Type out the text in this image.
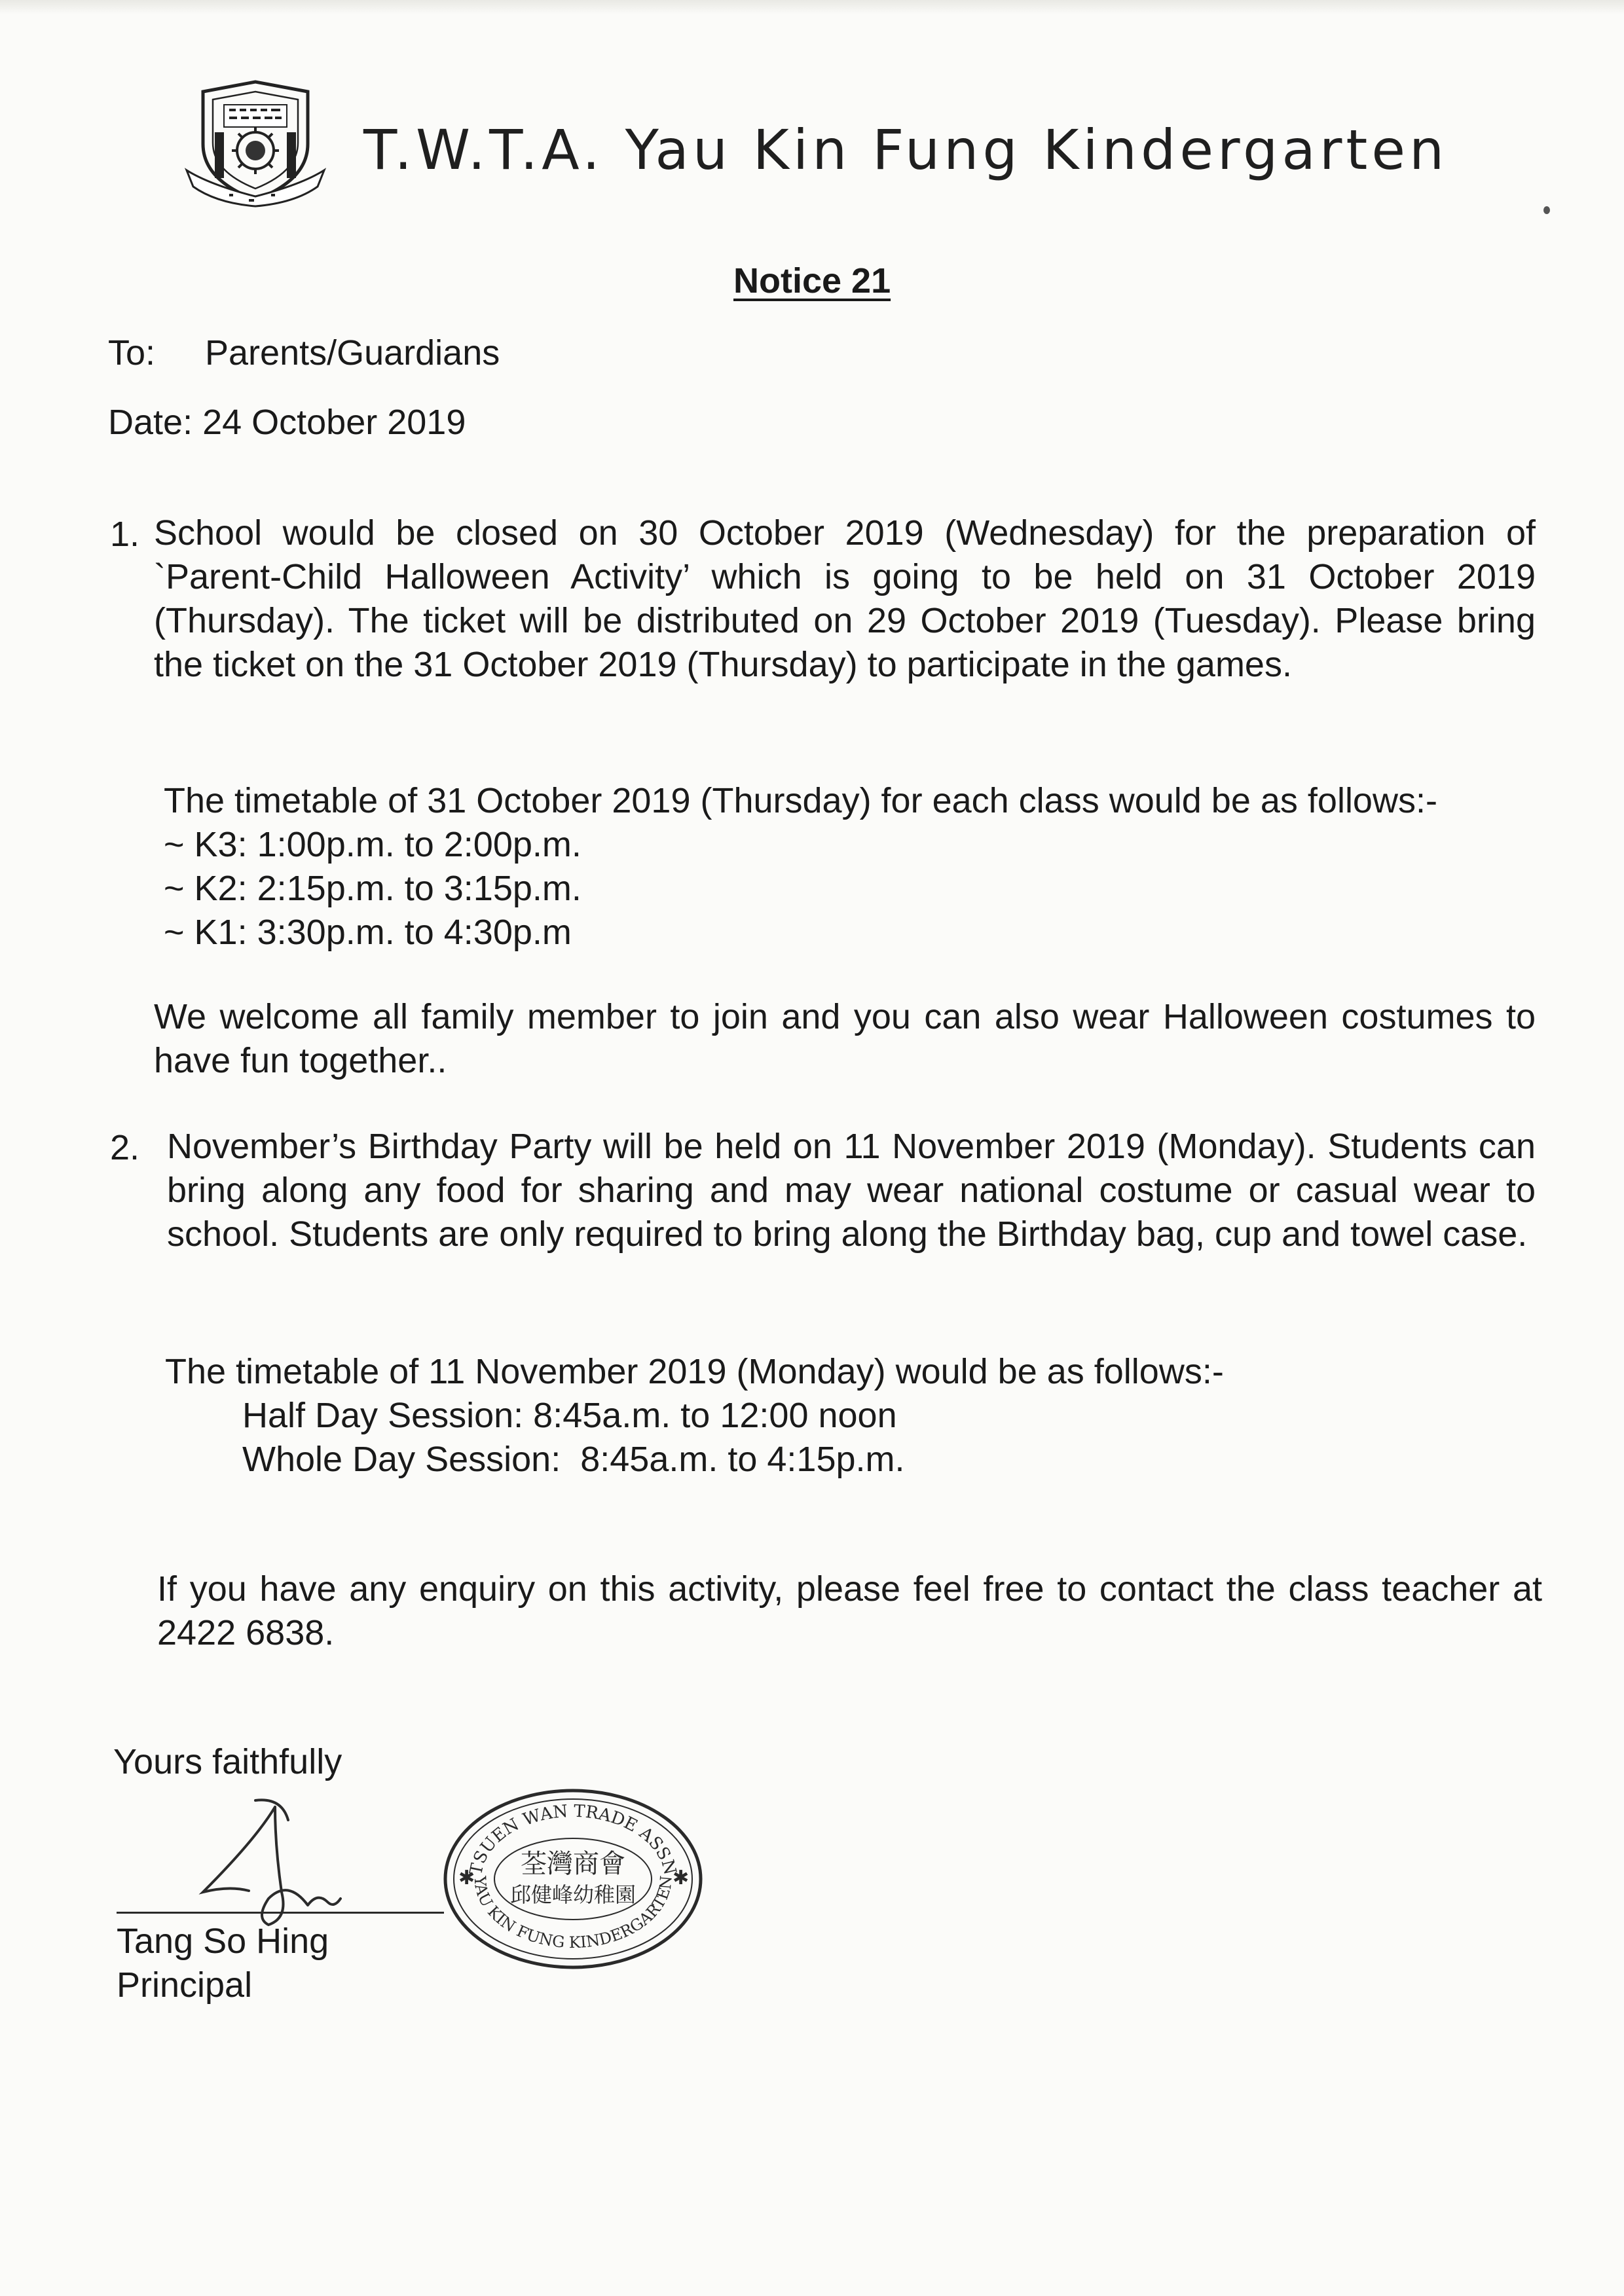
T.W.T.A. Yau Kin Fung Kindergarten
Notice 21
To: Parents/Guardians
Date: 24 October 2019
1. School would be closed on 30 October 2019 (Wednesday) for the preparation of `Parent-Child Halloween Activity’ which is going to be held on 31 October 2019 (Thursday). The ticket will be distributed on 29 October 2019 (Tuesday). Please bring the ticket on the 31 October 2019 (Thursday) to participate in the games.
The timetable of 31 October 2019 (Thursday) for each class would be as follows:-
~ K3: 1:00p.m. to 2:00p.m.
~ K2: 2:15p.m. to 3:15p.m.
~ K1: 3:30p.m. to 4:30p.m
We welcome all family member to join and you can also wear Halloween costumes to have fun together..
2. November’s Birthday Party will be held on 11 November 2019 (Monday). Students can bring along any food for sharing and may wear national costume or casual wear to school. Students are only required to bring along the Birthday bag, cup and towel case.
The timetable of 11 November 2019 (Monday) would be as follows:-
Half Day Session: 8:45a.m. to 12:00 noon
Whole Day Session:  8:45a.m. to 4:15p.m.
If you have any enquiry on this activity, please feel free to contact the class teacher at 2422 6838.
Yours faithfully
Tang So Hing
Principal
TSUEN WAN TRADE ASSN
荃灣商會
邱健峰幼稚園
YAU KIN FUNG KINDERGARTEN
✱	✱
